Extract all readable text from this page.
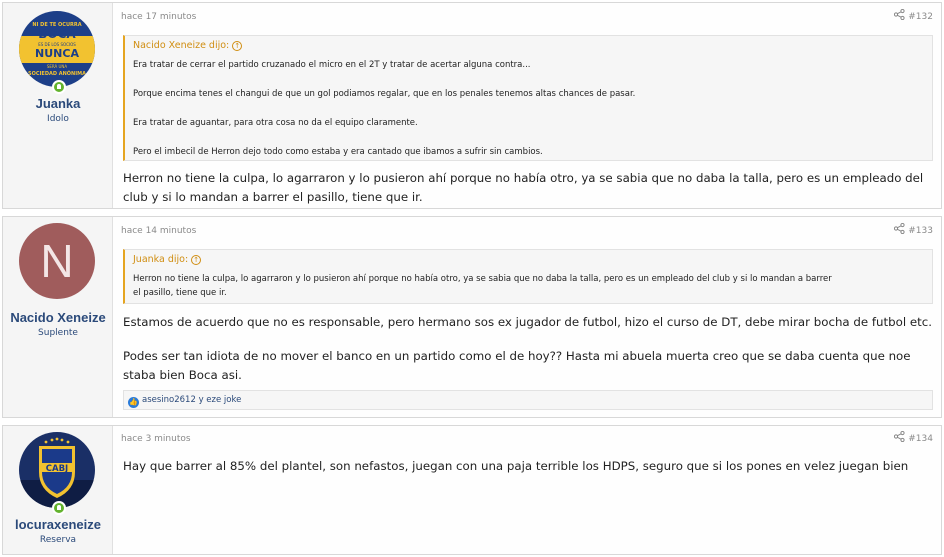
NI DE TE OCURRA
BOCA
ES DE LOS SOCIOS
NUNCA
SERÁ UNA
SOCIEDAD ANÓNIMA
Juanka
Idolo
hace 17 minutos	#132
Nacido Xeneize dijo: ↑
Era tratar de cerrar el partido cruzanado el micro en el 2T y tratar de acertar alguna contra...
Porque encima tenes el changui de que un gol podiamos regalar, que en los penales tenemos altas chances de pasar.
Era tratar de aguantar, para otra cosa no da el equipo claramente.
Pero el imbecil de Herron dejo todo como estaba y era cantado que ibamos a sufrir sin cambios.
Herron no tiene la culpa, lo agarraron y lo pusieron ahí porque no había otro, ya se sabia que no daba la talla, pero es un empleado del
club y si lo mandan a barrer el pasillo, tiene que ir.
N
Nacido Xeneize
Suplente
hace 14 minutos	#133
Juanka dijo: ↑
Herron no tiene la culpa, lo agarraron y lo pusieron ahí porque no había otro, ya se sabia que no daba la talla, pero es un empleado del club y si lo mandan a barrer
el pasillo, tiene que ir.
Estamos de acuerdo que no es responsable, pero hermano sos ex jugador de futbol, hizo el curso de DT, debe mirar bocha de futbol etc.
Podes ser tan idiota de no mover el banco en un partido como el de hoy?? Hasta mi abuela muerta creo que se daba cuenta que noe
staba bien Boca asi.
👍 asesino2612 y eze joke
CABJ
locuraxeneize
Reserva
hace 3 minutos	#134
Hay que barrer al 85% del plantel, son nefastos, juegan con una paja terrible los HDPS, seguro que si los pones en velez juegan bien
